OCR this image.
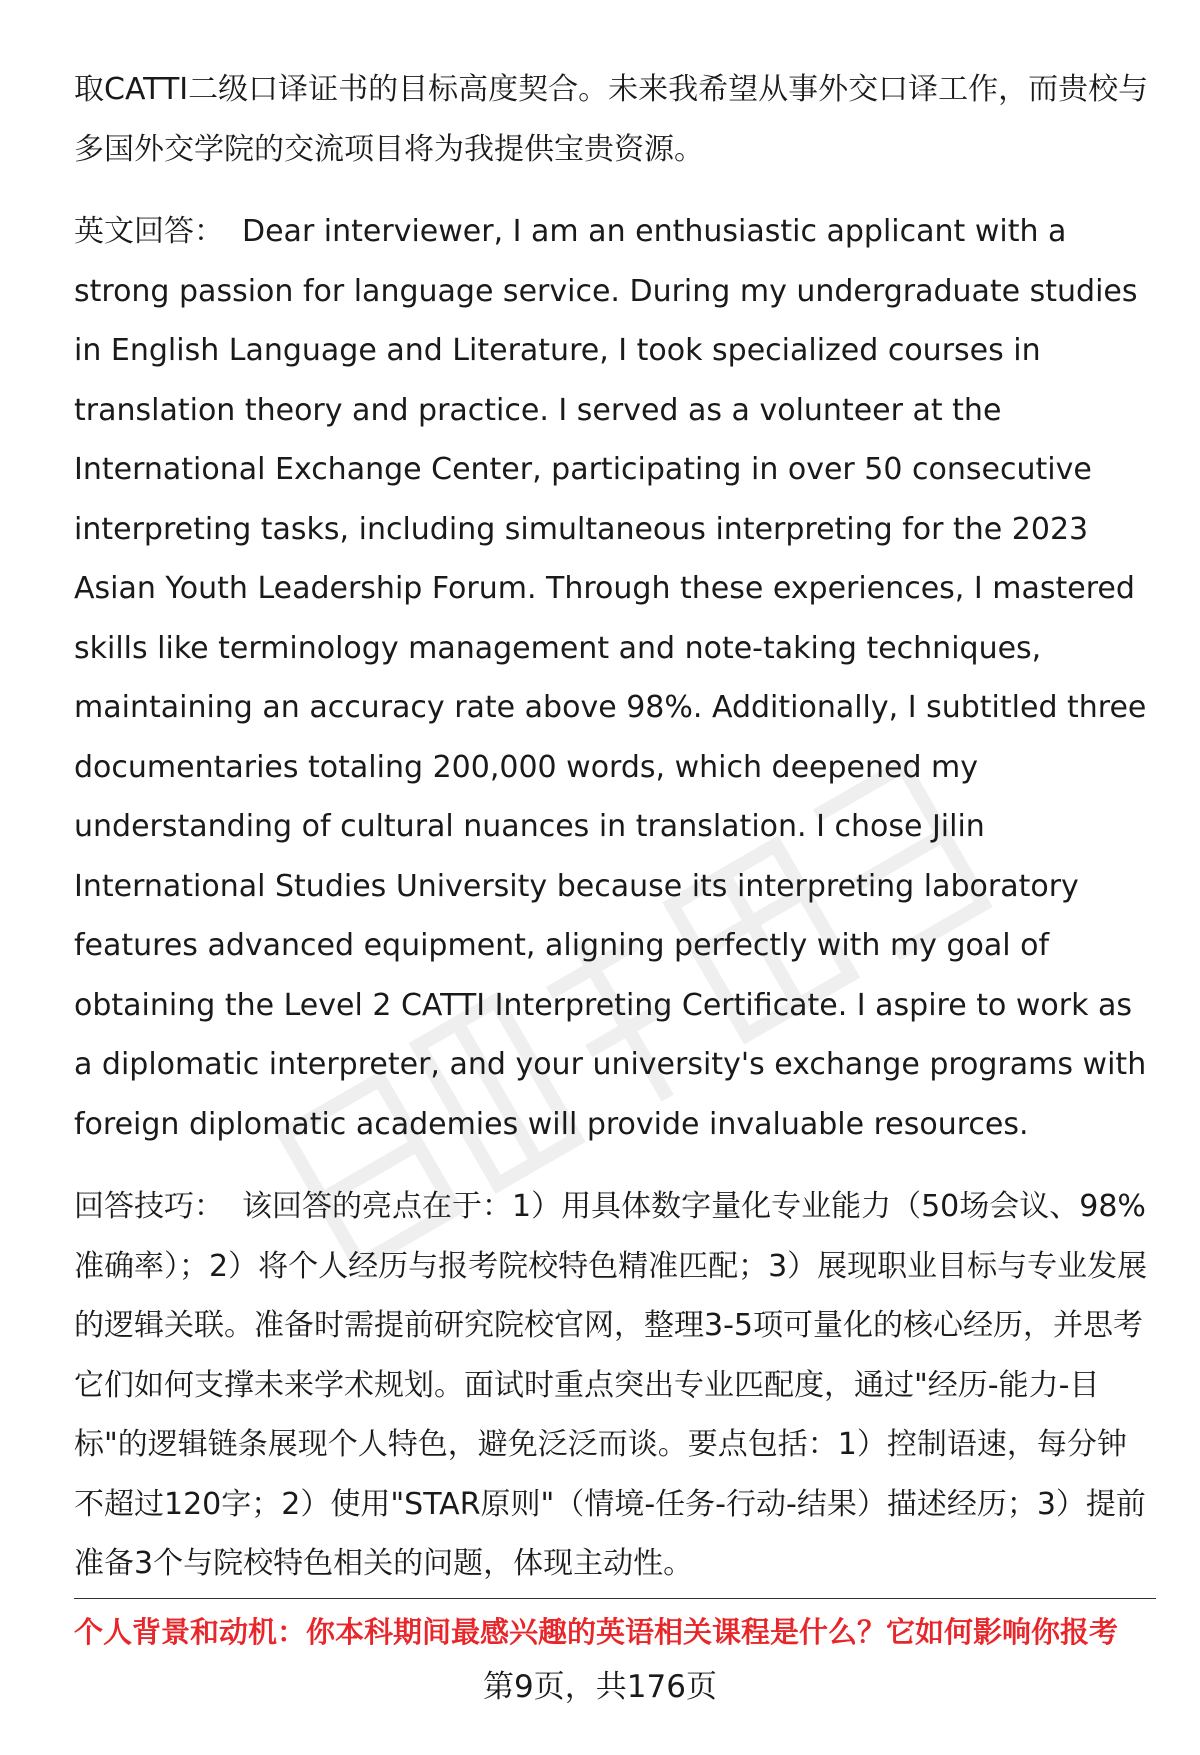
取CATTI二级口译证书的目标高度契合。未来我希望从事外交口译工作，而贵校与多国外交学院的交流项目将为我提供宝贵资源。

英文回答： Dear interviewer, I am an enthusiastic applicant with a strong passion for language service. During my undergraduate studies in English Language and Literature, I took specialized courses in translation theory and practice. I served as a volunteer at the International Exchange Center, participating in over 50 consecutive interpreting tasks, including simultaneous interpreting for the 2023 Asian Youth Leadership Forum. Through these experiences, I mastered skills like terminology management and note-taking techniques, maintaining an accuracy rate above 98%. Additionally, I subtitled three documentaries totaling 200,000 words, which deepened my understanding of cultural nuances in translation. I chose Jilin International Studies University because its interpreting laboratory features advanced equipment, aligning perfectly with my goal of obtaining the Level 2 CATTI Interpreting Certificate. I aspire to work as a diplomatic interpreter, and your university's exchange programs with foreign diplomatic academies will provide invaluable resources.

回答技巧： 该回答的亮点在于：1）用具体数字量化专业能力（50场会议、98%准确率）；2）将个人经历与报考院校特色精准匹配；3）展现职业目标与专业发展的逻辑关联。准备时需提前研究院校官网，整理3-5项可量化的核心经历，并思考它们如何支撑未来学术规划。面试时重点突出专业匹配度，通过"经历-能力-目标"的逻辑链条展现个人特色，避免泛泛而谈。要点包括：1）控制语速，每分钟不超过120字；2）使用"STAR原则"（情境-任务-行动-结果）描述经历；3）提前准备3个与院校特色相关的问题，体现主动性。

个人背景和动机：你本科期间最感兴趣的英语相关课程是什么？它如何影响你报考
第9页，共176页
